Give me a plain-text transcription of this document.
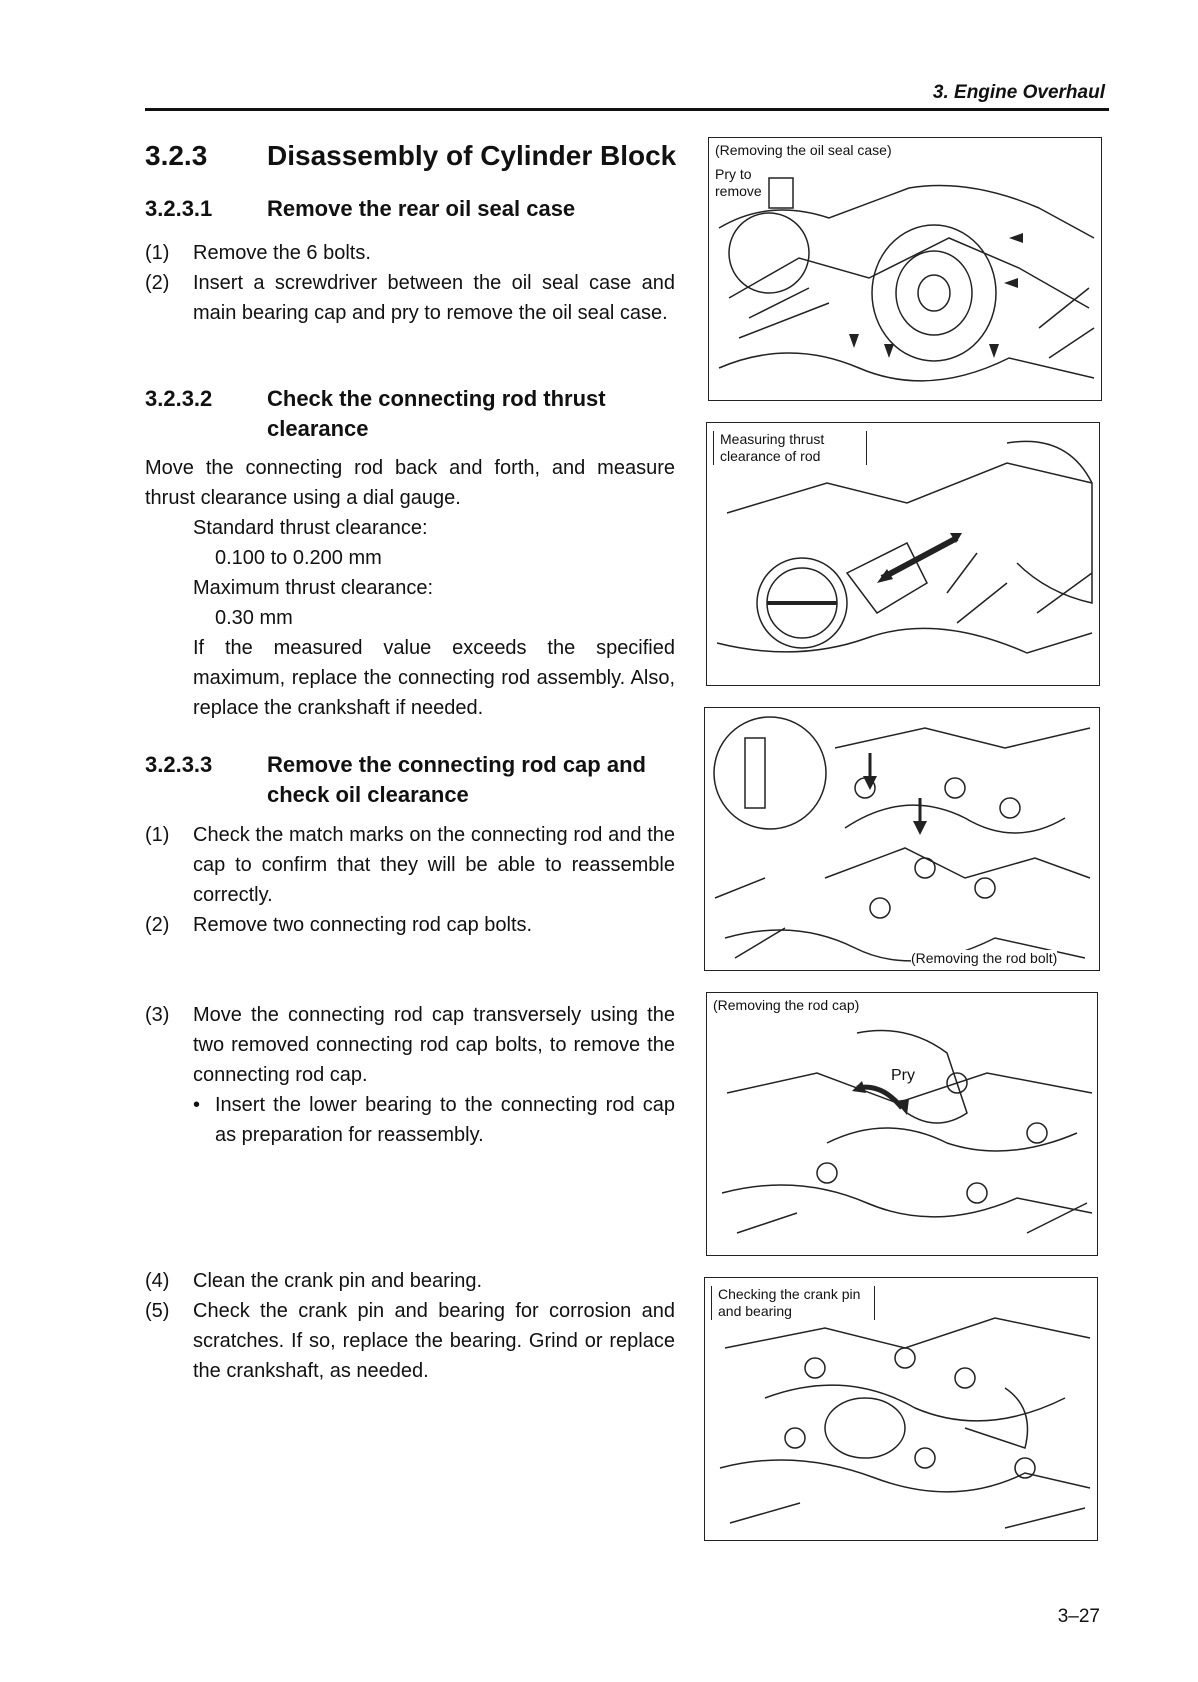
3. Engine Overhaul
3.2.3 Disassembly of Cylinder Block
3.2.3.1 Remove the rear oil seal case
(1) Remove the 6 bolts.
(2) Insert a screwdriver between the oil seal case and main bearing cap and pry to remove the oil seal case.
3.2.3.2 Check the connecting rod thrust clearance
Move the connecting rod back and forth, and measure thrust clearance using a dial gauge.
Standard thrust clearance:
0.100 to 0.200 mm
Maximum thrust clearance:
0.30 mm
If the measured value exceeds the specified maximum, replace the connecting rod assembly. Also, replace the crankshaft if needed.
3.2.3.3 Remove the connecting rod cap and check oil clearance
(1) Check the match marks on the connecting rod and the cap to confirm that they will be able to reassemble correctly.
(2) Remove two connecting rod cap bolts.
(3) Move the connecting rod cap transversely using the two removed connecting rod cap bolts, to remove the connecting rod cap.
• Insert the lower bearing to the connecting rod cap as preparation for reassembly.
(4) Clean the crank pin and bearing.
(5) Check the crank pin and bearing for corrosion and scratches. If so, replace the bearing. Grind or replace the crankshaft, as needed.
(Removing the oil seal case)
Pry to remove
Measuring thrust clearance of rod
(Removing the rod bolt)
(Removing the rod cap)
Pry
Checking the crank pin and bearing
3–27
